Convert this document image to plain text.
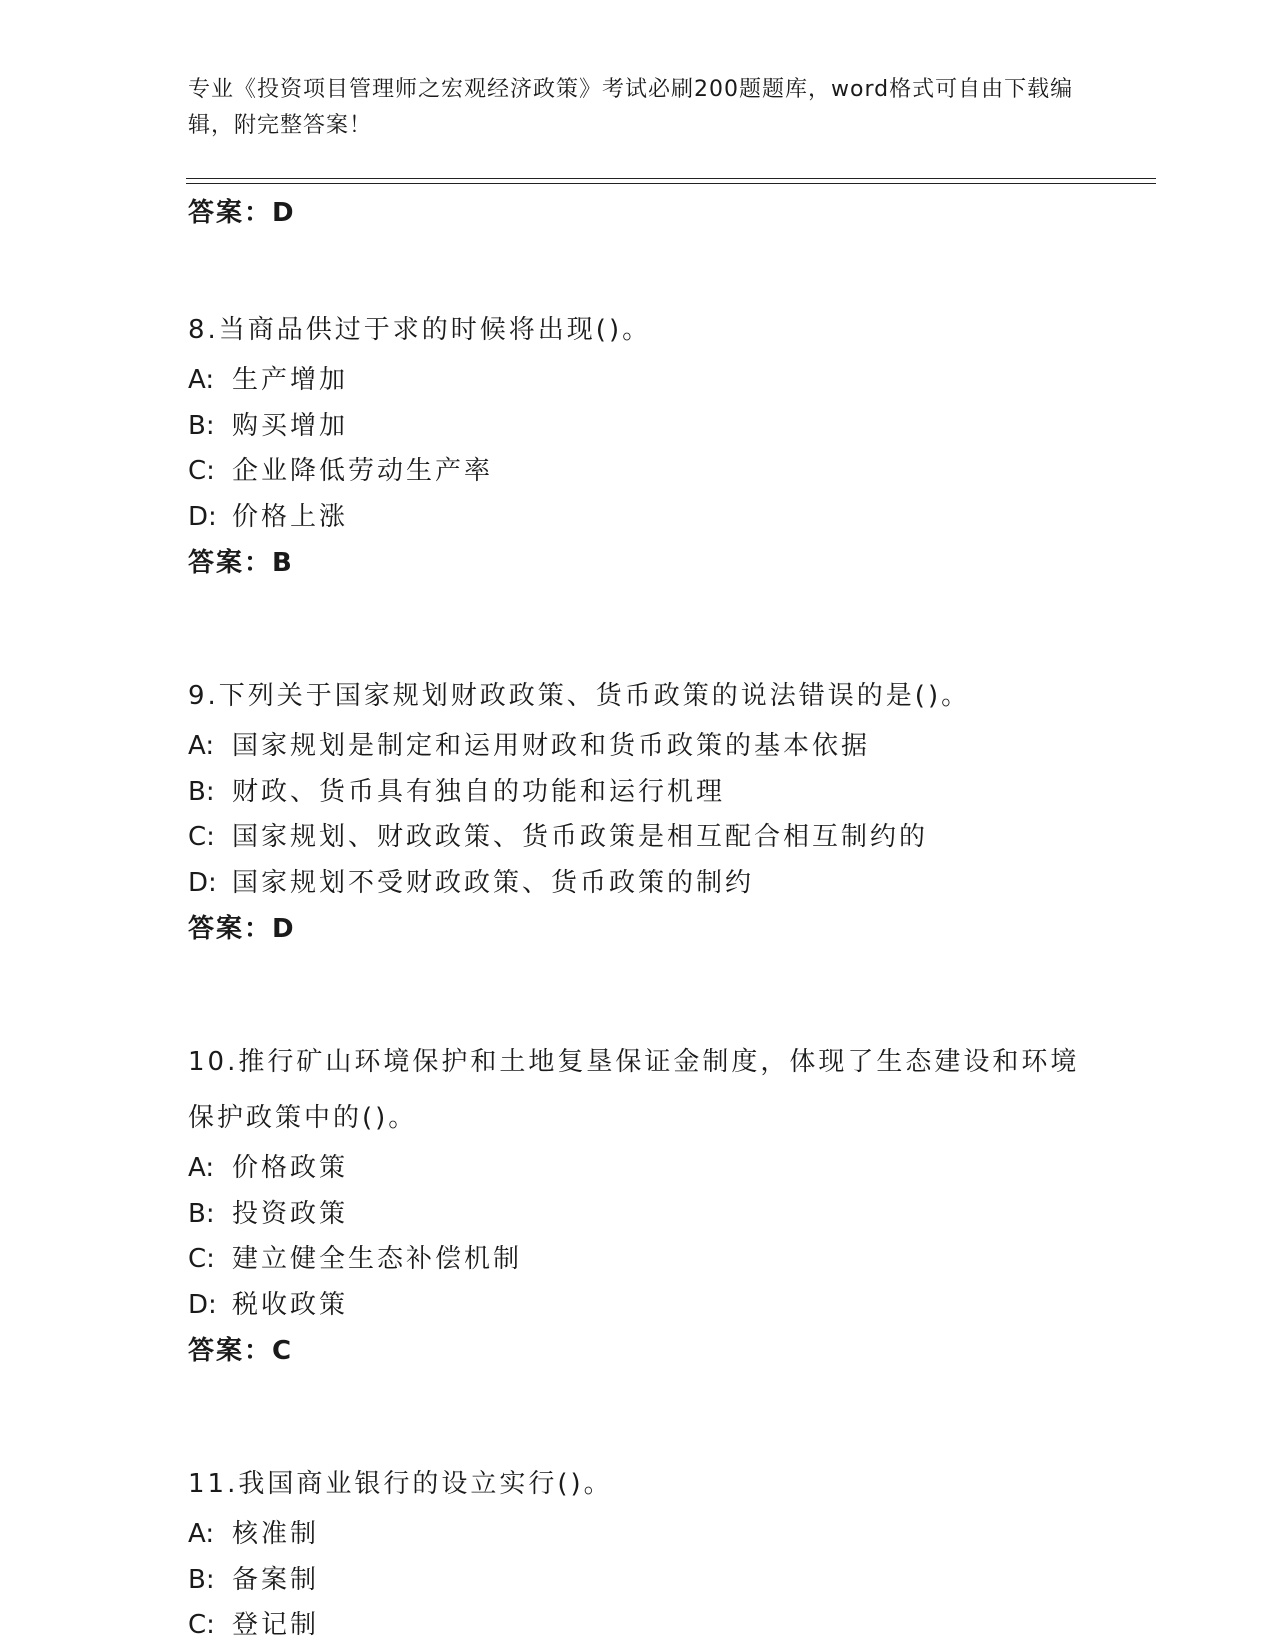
专业《投资项目管理师之宏观经济政策》考试必刷200题题库，word格式可自由下载编辑，附完整答案！
答案：D
8.当商品供过于求的时候将出现()。
A: 生产增加
B: 购买增加
C: 企业降低劳动生产率
D: 价格上涨
答案：B
9.下列关于国家规划财政政策、货币政策的说法错误的是()。
A: 国家规划是制定和运用财政和货币政策的基本依据
B: 财政、货币具有独自的功能和运行机理
C: 国家规划、财政政策、货币政策是相互配合相互制约的
D: 国家规划不受财政政策、货币政策的制约
答案：D
10.推行矿山环境保护和土地复垦保证金制度，体现了生态建设和环境保护政策中的()。
A: 价格政策
B: 投资政策
C: 建立健全生态补偿机制
D: 税收政策
答案：C
11.我国商业银行的设立实行()。
A: 核准制
B: 备案制
C: 登记制
